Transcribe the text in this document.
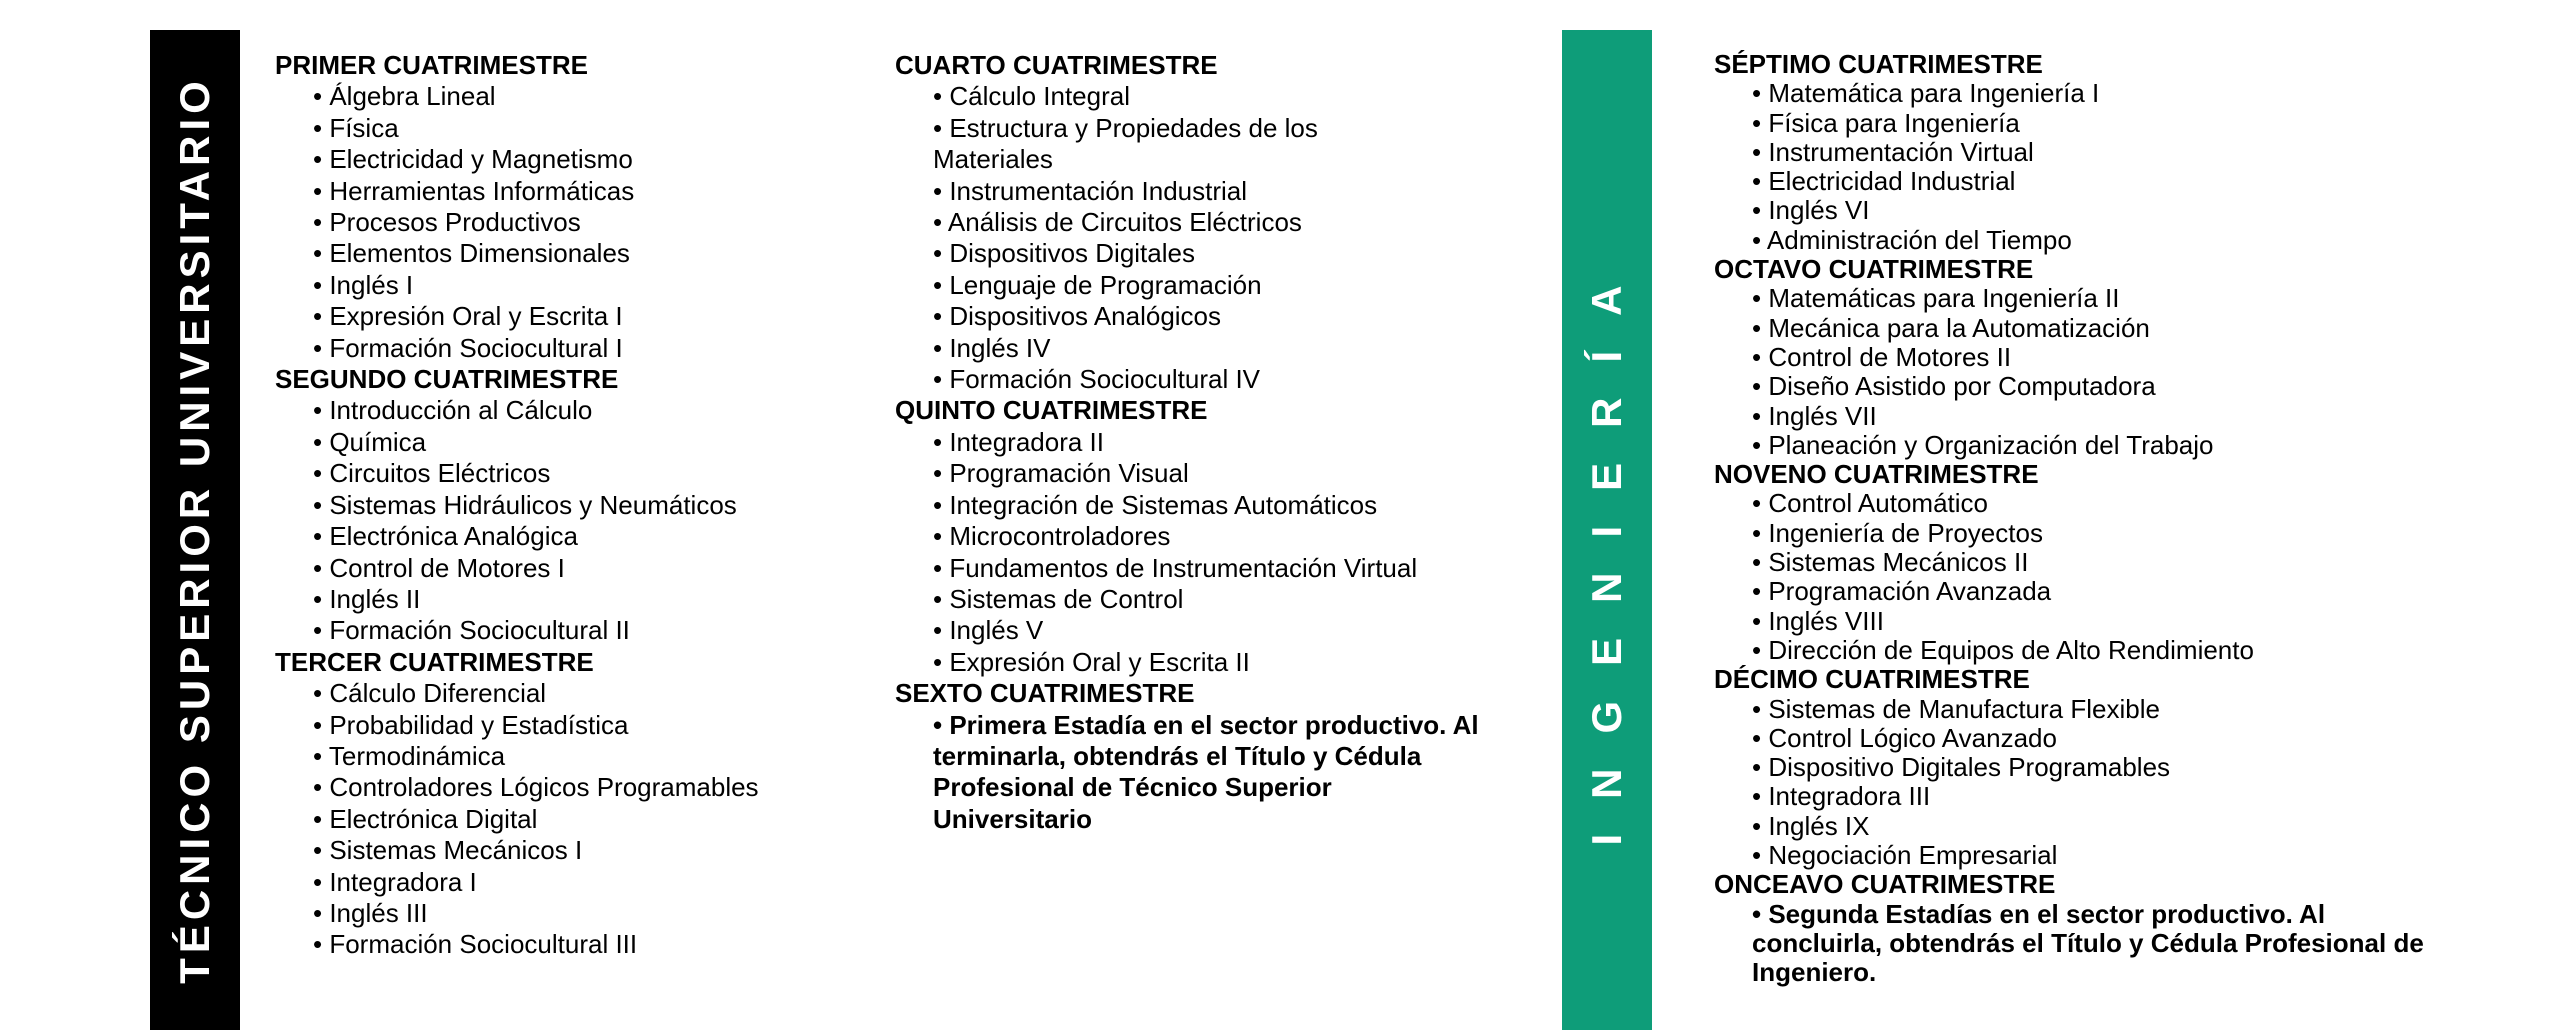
TÉCNICO SUPERIOR UNIVERSITARIO	INGENIERÍA
PRIMER CUATRIMESTRE
• Álgebra Lineal
• Física
• Electricidad y Magnetismo
• Herramientas Informáticas
• Procesos Productivos
• Elementos Dimensionales
• Inglés I
• Expresión Oral y Escrita I
• Formación Sociocultural I
SEGUNDO CUATRIMESTRE
• Introducción al Cálculo
• Química
• Circuitos Eléctricos
• Sistemas Hidráulicos y Neumáticos
• Electrónica Analógica
• Control de Motores I
• Inglés II
• Formación Sociocultural II
TERCER CUATRIMESTRE
• Cálculo Diferencial
• Probabilidad y Estadística
• Termodinámica
• Controladores Lógicos Programables
• Electrónica Digital
• Sistemas Mecánicos I
• Integradora I
• Inglés III
• Formación Sociocultural III
CUARTO CUATRIMESTRE
• Cálculo Integral
• Estructura y Propiedades de los Materiales
• Instrumentación Industrial
• Análisis de Circuitos Eléctricos
• Dispositivos Digitales
• Lenguaje de Programación
• Dispositivos Analógicos
• Inglés IV
• Formación Sociocultural IV
QUINTO CUATRIMESTRE
• Integradora II
• Programación Visual
• Integración de Sistemas Automáticos
• Microcontroladores
• Fundamentos de Instrumentación Virtual
• Sistemas de Control
• Inglés V
• Expresión Oral y Escrita II
SEXTO CUATRIMESTRE
• Primera Estadía en el sector productivo. Al terminarla, obtendrás el Título y Cédula Profesional de Técnico Superior Universitario
SÉPTIMO CUATRIMESTRE
• Matemática para Ingeniería I
• Física para Ingeniería
• Instrumentación Virtual
• Electricidad Industrial
• Inglés VI
• Administración del Tiempo
OCTAVO CUATRIMESTRE
• Matemáticas para Ingeniería II
• Mecánica para la Automatización
• Control de Motores II
• Diseño Asistido por Computadora
• Inglés VII
• Planeación y Organización del Trabajo
NOVENO CUATRIMESTRE
• Control Automático
• Ingeniería de Proyectos
• Sistemas Mecánicos II
• Programación Avanzada
• Inglés VIII
• Dirección de Equipos de Alto Rendimiento
DÉCIMO CUATRIMESTRE
• Sistemas de Manufactura Flexible
• Control Lógico Avanzado
• Dispositivo Digitales Programables
• Integradora III
• Inglés IX
• Negociación Empresarial
ONCEAVO CUATRIMESTRE
• Segunda Estadías en el sector productivo. Al concluirla, obtendrás el Título y Cédula Profesional de Ingeniero.
